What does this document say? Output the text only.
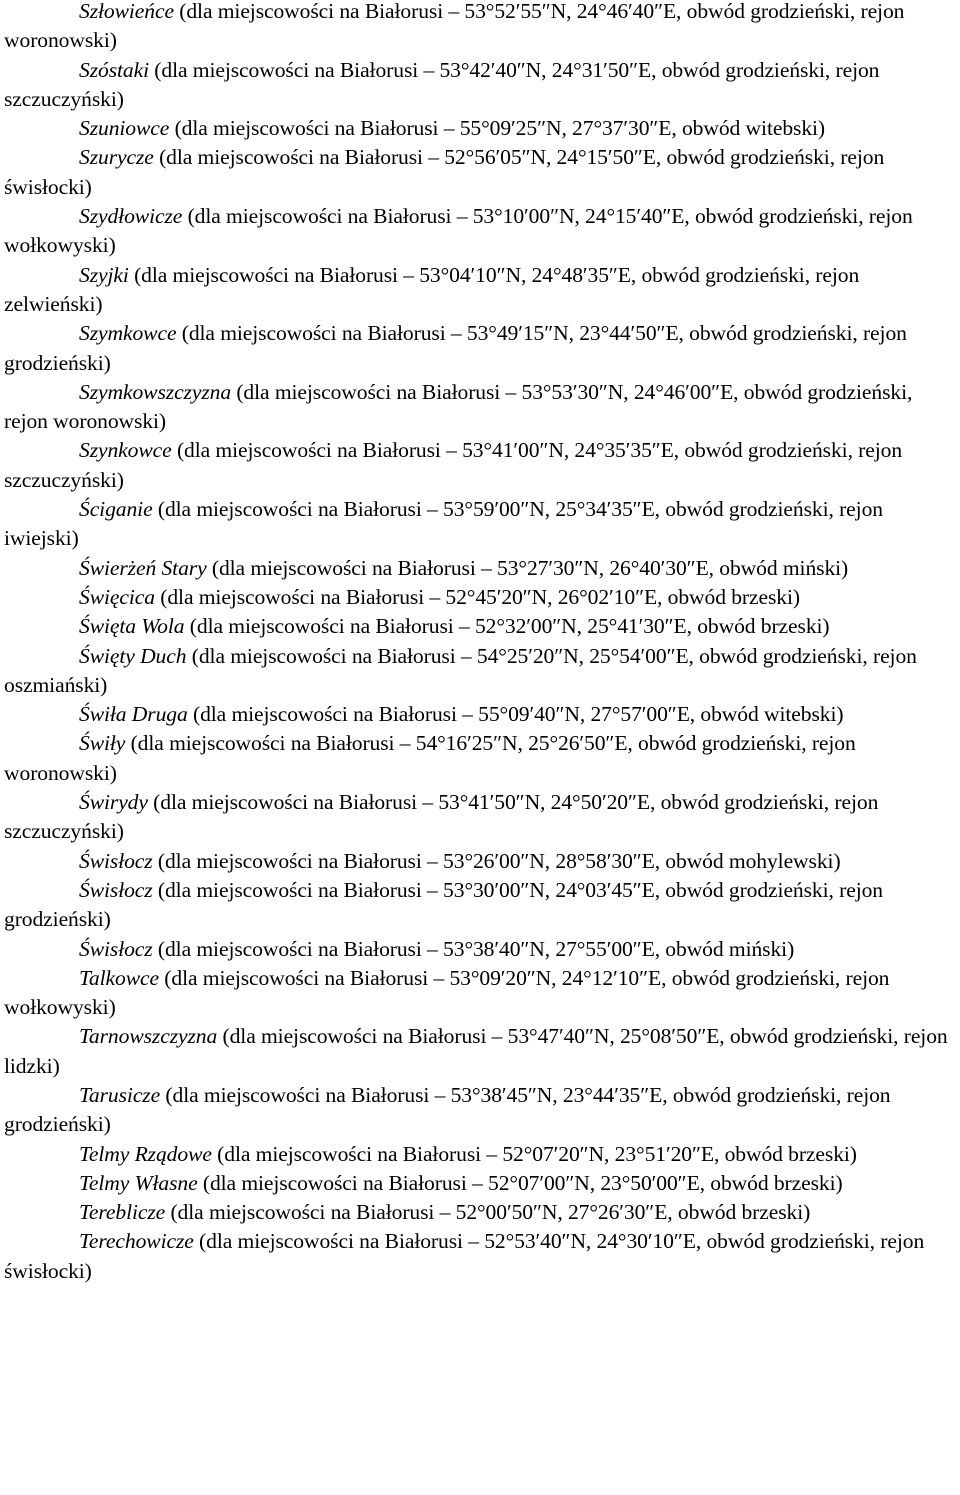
Szłowieńce (dla miejscowości na Białorusi – 53°52′55″N, 24°46′40″E, obwód grodzieński, rejon woronowski)

Szóstaki (dla miejscowości na Białorusi – 53°42′40″N, 24°31′50″E, obwód grodzieński, rejon szczuczyński)

Szuniowce (dla miejscowości na Białorusi – 55°09′25″N, 27°37′30″E, obwód witebski)

Szurycze (dla miejscowości na Białorusi – 52°56′05″N, 24°15′50″E, obwód grodzieński, rejon świsłocki)

Szydłowicze (dla miejscowości na Białorusi – 53°10′00″N, 24°15′40″E, obwód grodzieński, rejon wołkowyski)

Szyjki (dla miejscowości na Białorusi – 53°04′10″N, 24°48′35″E, obwód grodzieński, rejon zelwieński)

Szymkowce (dla miejscowości na Białorusi – 53°49′15″N, 23°44′50″E, obwód grodzieński, rejon grodzieński)

Szymkowszczyzna (dla miejscowości na Białorusi – 53°53′30″N, 24°46′00″E, obwód grodzieński, rejon woronowski)

Szynkowce (dla miejscowości na Białorusi – 53°41′00″N, 24°35′35″E, obwód grodzieński, rejon szczuczyński)

Ściganie (dla miejscowości na Białorusi – 53°59′00″N, 25°34′35″E, obwód grodzieński, rejon iwiejski)

Świerżeń Stary (dla miejscowości na Białorusi – 53°27′30″N, 26°40′30″E, obwód miński)

Święcica (dla miejscowości na Białorusi – 52°45′20″N, 26°02′10″E, obwód brzeski)

Święta Wola (dla miejscowości na Białorusi – 52°32′00″N, 25°41′30″E, obwód brzeski)

Święty Duch (dla miejscowości na Białorusi – 54°25′20″N, 25°54′00″E, obwód grodzieński, rejon oszmiański)

Świła Druga (dla miejscowości na Białorusi – 55°09′40″N, 27°57′00″E, obwód witebski)

Świły (dla miejscowości na Białorusi – 54°16′25″N, 25°26′50″E, obwód grodzieński, rejon woronowski)

Świrydy (dla miejscowości na Białorusi – 53°41′50″N, 24°50′20″E, obwód grodzieński, rejon szczuczyński)

Świsłocz (dla miejscowości na Białorusi – 53°26′00″N, 28°58′30″E, obwód mohylewski)

Świsłocz (dla miejscowości na Białorusi – 53°30′00″N, 24°03′45″E, obwód grodzieński, rejon grodzieński)

Świsłocz (dla miejscowości na Białorusi – 53°38′40″N, 27°55′00″E, obwód miński)

Talkowce (dla miejscowości na Białorusi – 53°09′20″N, 24°12′10″E, obwód grodzieński, rejon wołkowyski)

Tarnowszczyzna (dla miejscowości na Białorusi – 53°47′40″N, 25°08′50″E, obwód grodzieński, rejon lidzki)

Tarusicze (dla miejscowości na Białorusi – 53°38′45″N, 23°44′35″E, obwód grodzieński, rejon grodzieński)

Telmy Rządowe (dla miejscowości na Białorusi – 52°07′20″N, 23°51′20″E, obwód brzeski)

Telmy Własne (dla miejscowości na Białorusi – 52°07′00″N, 23°50′00″E, obwód brzeski)

Tereblicze (dla miejscowości na Białorusi – 52°00′50″N, 27°26′30″E, obwód brzeski)

Terechowicze (dla miejscowości na Białorusi – 52°53′40″N, 24°30′10″E, obwód grodzieński, rejon świsłocki)
